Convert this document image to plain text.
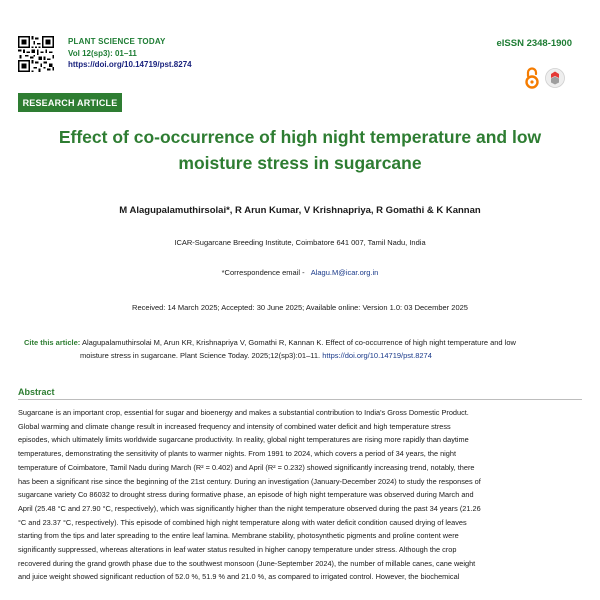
PLANT SCIENCE TODAY
Vol 12(sp3): 01–11
https://doi.org/10.14719/pst.8274
eISSN 2348-1900
RESEARCH ARTICLE
Effect of co-occurrence of high night temperature and low
moisture stress in sugarcane
M Alagupalamuthirsolai*, R Arun Kumar, V Krishnapriya, R Gomathi & K Kannan
ICAR-Sugarcane Breeding Institute, Coimbatore 641 007, Tamil Nadu, India
*Correspondence email - Alagu.M@icar.org.in
Received: 14 March 2025; Accepted: 30 June 2025; Available online: Version 1.0: 03 December 2025
Cite this article: Alagupalamuthirsolai M, Arun KR, Krishnapriya V, Gomathi R, Kannan K. Effect of co-occurrence of high night temperature and low
moisture stress in sugarcane. Plant Science Today. 2025;12(sp3):01–11. https://doi.org/10.14719/pst.8274
Abstract
Sugarcane is an important crop, essential for sugar and bioenergy and makes a substantial contribution to India's Gross Domestic Product.
Global warming and climate change result in increased frequency and intensity of combined water deficit and high temperature stress
episodes, which ultimately limits worldwide sugarcane productivity. In reality, global night temperatures are rising more rapidly than daytime
temperatures, demonstrating the sensitivity of plants to warmer nights. From 1991 to 2024, which covers a period of 34 years, the night
temperature of Coimbatore, Tamil Nadu during March (R² = 0.402) and April (R² = 0.232) showed significantly increasing trend, notably, there
has been a significant rise since the beginning of the 21st century. During an investigation (January-December 2024) to study the responses of
sugarcane variety Co 86032 to drought stress during formative phase, an episode of high night temperature was observed during March and
April (25.48 °C and 27.90 °C, respectively), which was significantly higher than the night temperature observed during the past 34 years (21.26
°C and 23.37 °C, respectively). This episode of combined high night temperature along with water deficit condition caused drying of leaves
starting from the tips and later spreading to the entire leaf lamina. Membrane stability, photosynthetic pigments and proline content were
significantly suppressed, whereas alterations in leaf water status resulted in higher canopy temperature under stress. Although the crop
recovered during the grand growth phase due to the southwest monsoon (June-September 2024), the number of millable canes, cane weight
and juice weight showed significant reduction of 52.0 %, 51.9 % and 21.0 %, as compared to irrigated control. However, the biochemical
